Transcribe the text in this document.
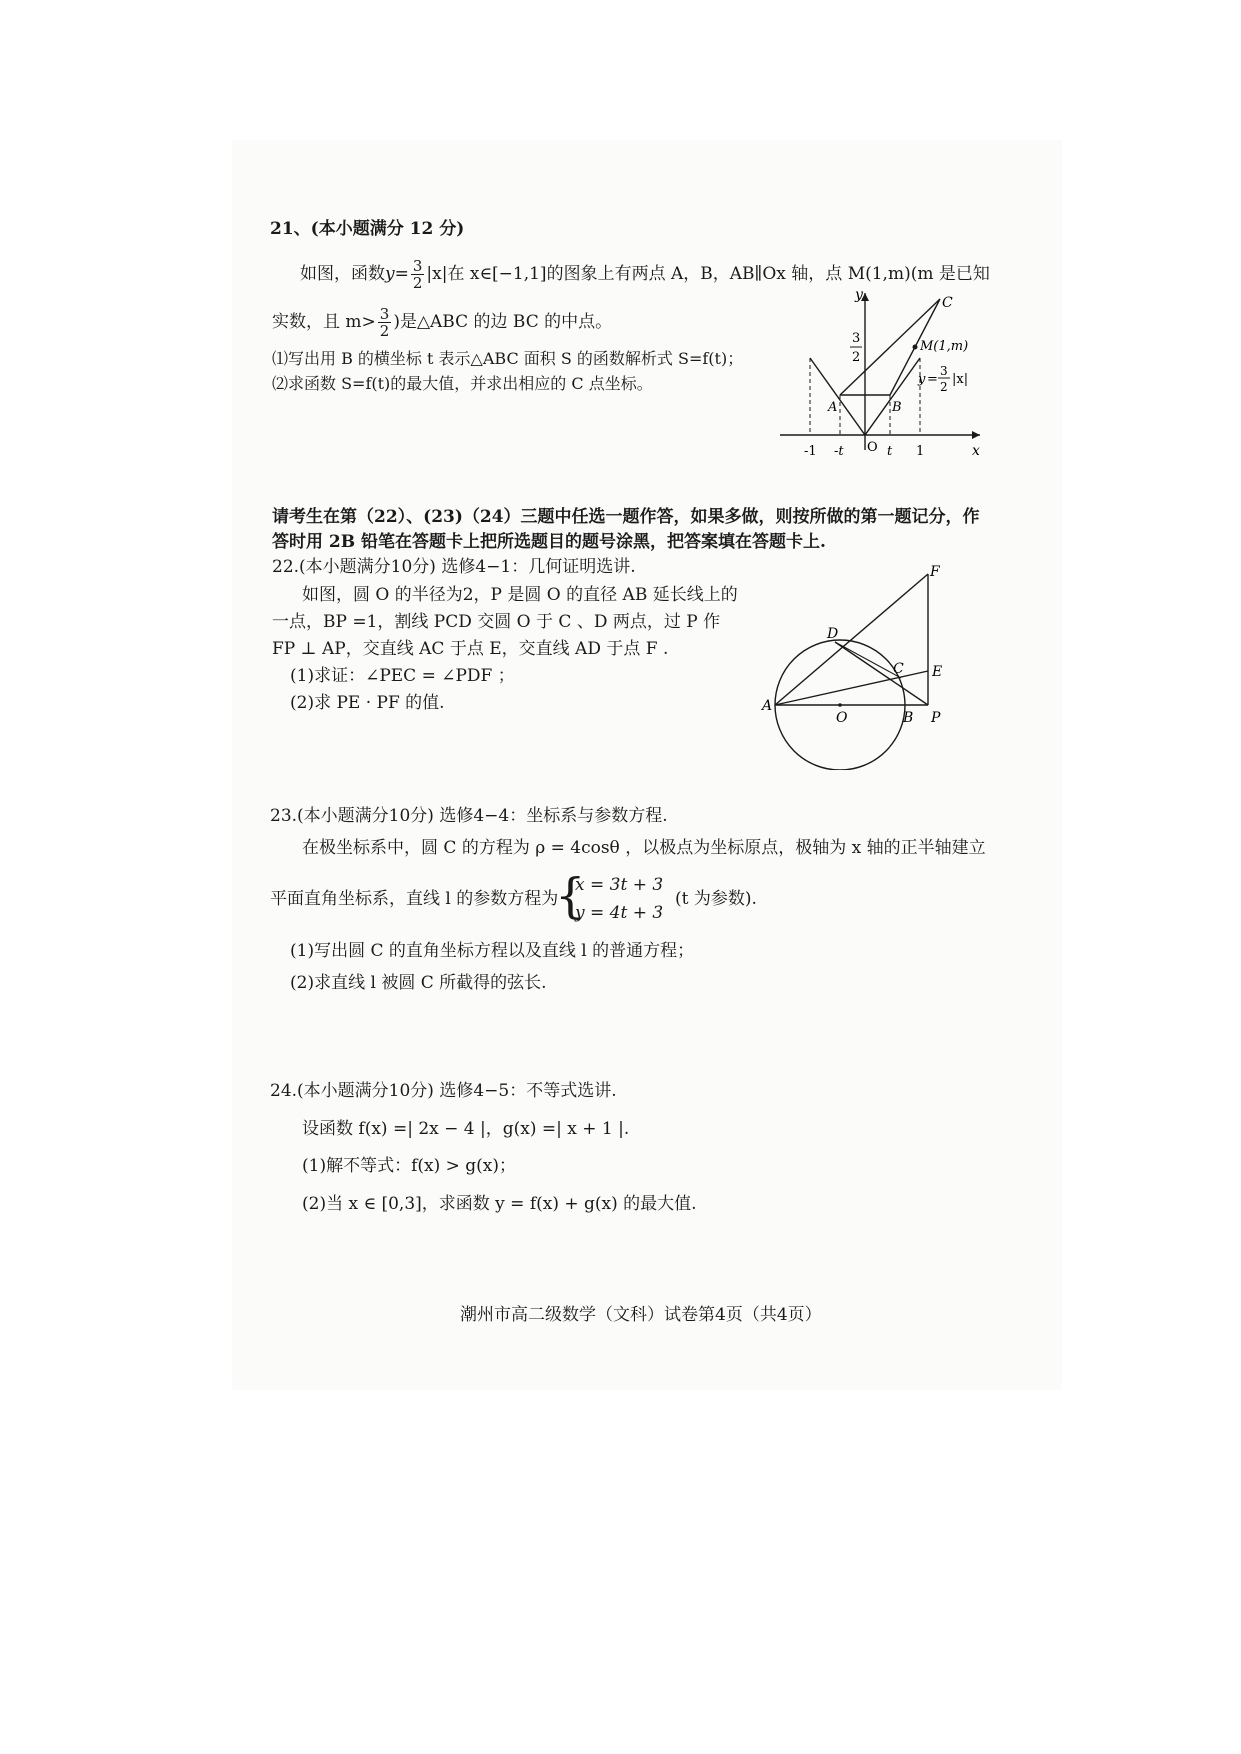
21、(本小题满分 12 分)
如图，函数$y= \frac{3}{2} |x|$在 x∈[−1,1]的图象上有两点 A，B，AB∥Ox 轴，点 M(1,m)(m 是已知
实数，且 $m> \frac{3}{2}$ )是△ABC 的边 BC 的中点。
⑴写出用 B 的横坐标 t 表示△ABC 面积 S 的函数解析式 S=f(t)；
⑵求函数 S=f(t)的最大值，并求出相应的 C 点坐标。
y
x
C
M(1,m)
A	B
O
-1 -t	t 1
3
2
y =
3
2 |x|
请考生在第（22）、(23)（24）三题中任选一题作答，如果多做，则按所做的第一题记分，作
答时用 2B 铅笔在答题卡上把所选题目的题号涂黑，把答案填在答题卡上.
22.(本小题满分10分) 选修4−1：几何证明选讲.
如图，圆 O 的半径为2，P 是圆 O 的直径 AB 延长线上的
一点，BP =1，割线 PCD 交圆 O 于 C 、D 两点，过 P 作
FP ⊥ AP，交直线 AC 于点 E，交直线 AD 于点 F .
(1)求证：∠PEC = ∠PDF ；
(2)求 PE · PF 的值.
F
D
C E
A
O	B P
23.(本小题满分10分) 选修4−4：坐标系与参数方程.
在极坐标系中，圆 C 的方程为 ρ = 4cosθ ，以极点为坐标原点，极轴为 x 轴的正半轴建立
平面直角坐标系，直线 l 的参数方程为
{
x = 3t + 3
y = 4t + 3
(t 为参数).
(1)写出圆 C 的直角坐标方程以及直线 l 的普通方程；
(2)求直线 l 被圆 C 所截得的弦长.
24.(本小题满分10分) 选修4−5：不等式选讲.
设函数 f(x) =| 2x − 4 |，g(x) =| x + 1 |.
(1)解不等式：f(x) > g(x)；
(2)当 x ∈ [0,3]，求函数 y = f(x) + g(x) 的最大值.
潮州市高二级数学（文科）试卷第4页（共4页）
